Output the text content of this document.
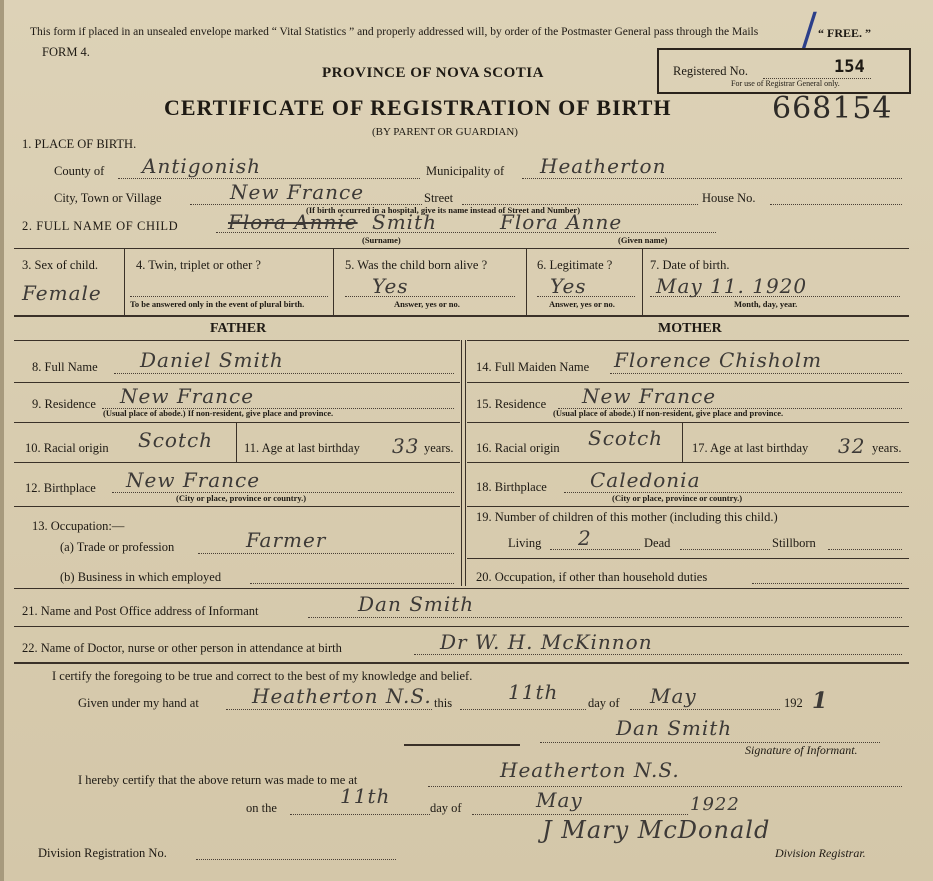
This form if placed in an unsealed envelope marked “ Vital Statistics ” and properly addressed will, by order of the Postmaster General pass through the Mails	“ FREE. ”
/
FORM 4.
PROVINCE OF NOVA SCOTIA
CERTIFICATE OF REGISTRATION OF BIRTH	668154
(BY PARENT OR GUARDIAN)
Registered No.	154
For use of Registrar General only.
1. PLACE OF BIRTH.
County of Antigonish	Municipality of Heatherton
City, Town or Village	New France	Street	House No.
(If birth occurred in a hospital, give its name instead of Street and Number)
2. FULL NAME OF CHILD Flora Annie Smith	Flora Anne
(Surname)	(Given name)
3. Sex of child.
Female
4. Twin, triplet or other ?
To be answered only in the event of plural birth.
5. Was the child born alive ?
Yes
Answer, yes or no.
6. Legitimate ?
Yes
Answer, yes or no.
7. Date of birth.
May 11. 1920
Month, day, year.
FATHER	MOTHER
8. Full Name Daniel Smith
9. Residence New France
(Usual place of abode.) If non-resident, give place and province.
10. Racial origin Scotch 11. Age at last birthday 33 years.
12. Birthplace New France
(City or place, province or country.)
13. Occupation:—
(a) Trade or profession	Farmer
(b) Business in which employed
14. Full Maiden Name Florence Chisholm
15. Residence New France
(Usual place of abode.) If non-resident, give place and province.
16. Racial origin Scotch 17. Age at last birthday 32 years.
18. Birthplace Caledonia
(City or place, province or country.)
19. Number of children of this mother (including this child.)
Living 2	Dead	Stillborn
20. Occupation, if other than household duties
21. Name and Post Office address of Informant	Dan Smith
22. Name of Doctor, nurse or other person in attendance at birth	Dr W. H. McKinnon
I certify the foregoing to be true and correct to the best of my knowledge and belief.
Given under my hand at	Heatherton N.S. this	11th day of May	192 1
Dan Smith
Signature of Informant.
I hereby certify that the above return was made to me at	Heatherton N.S.
on the	11th	day of	May	1922
Division Registration No.
J Mary McDonald
Division Registrar.
